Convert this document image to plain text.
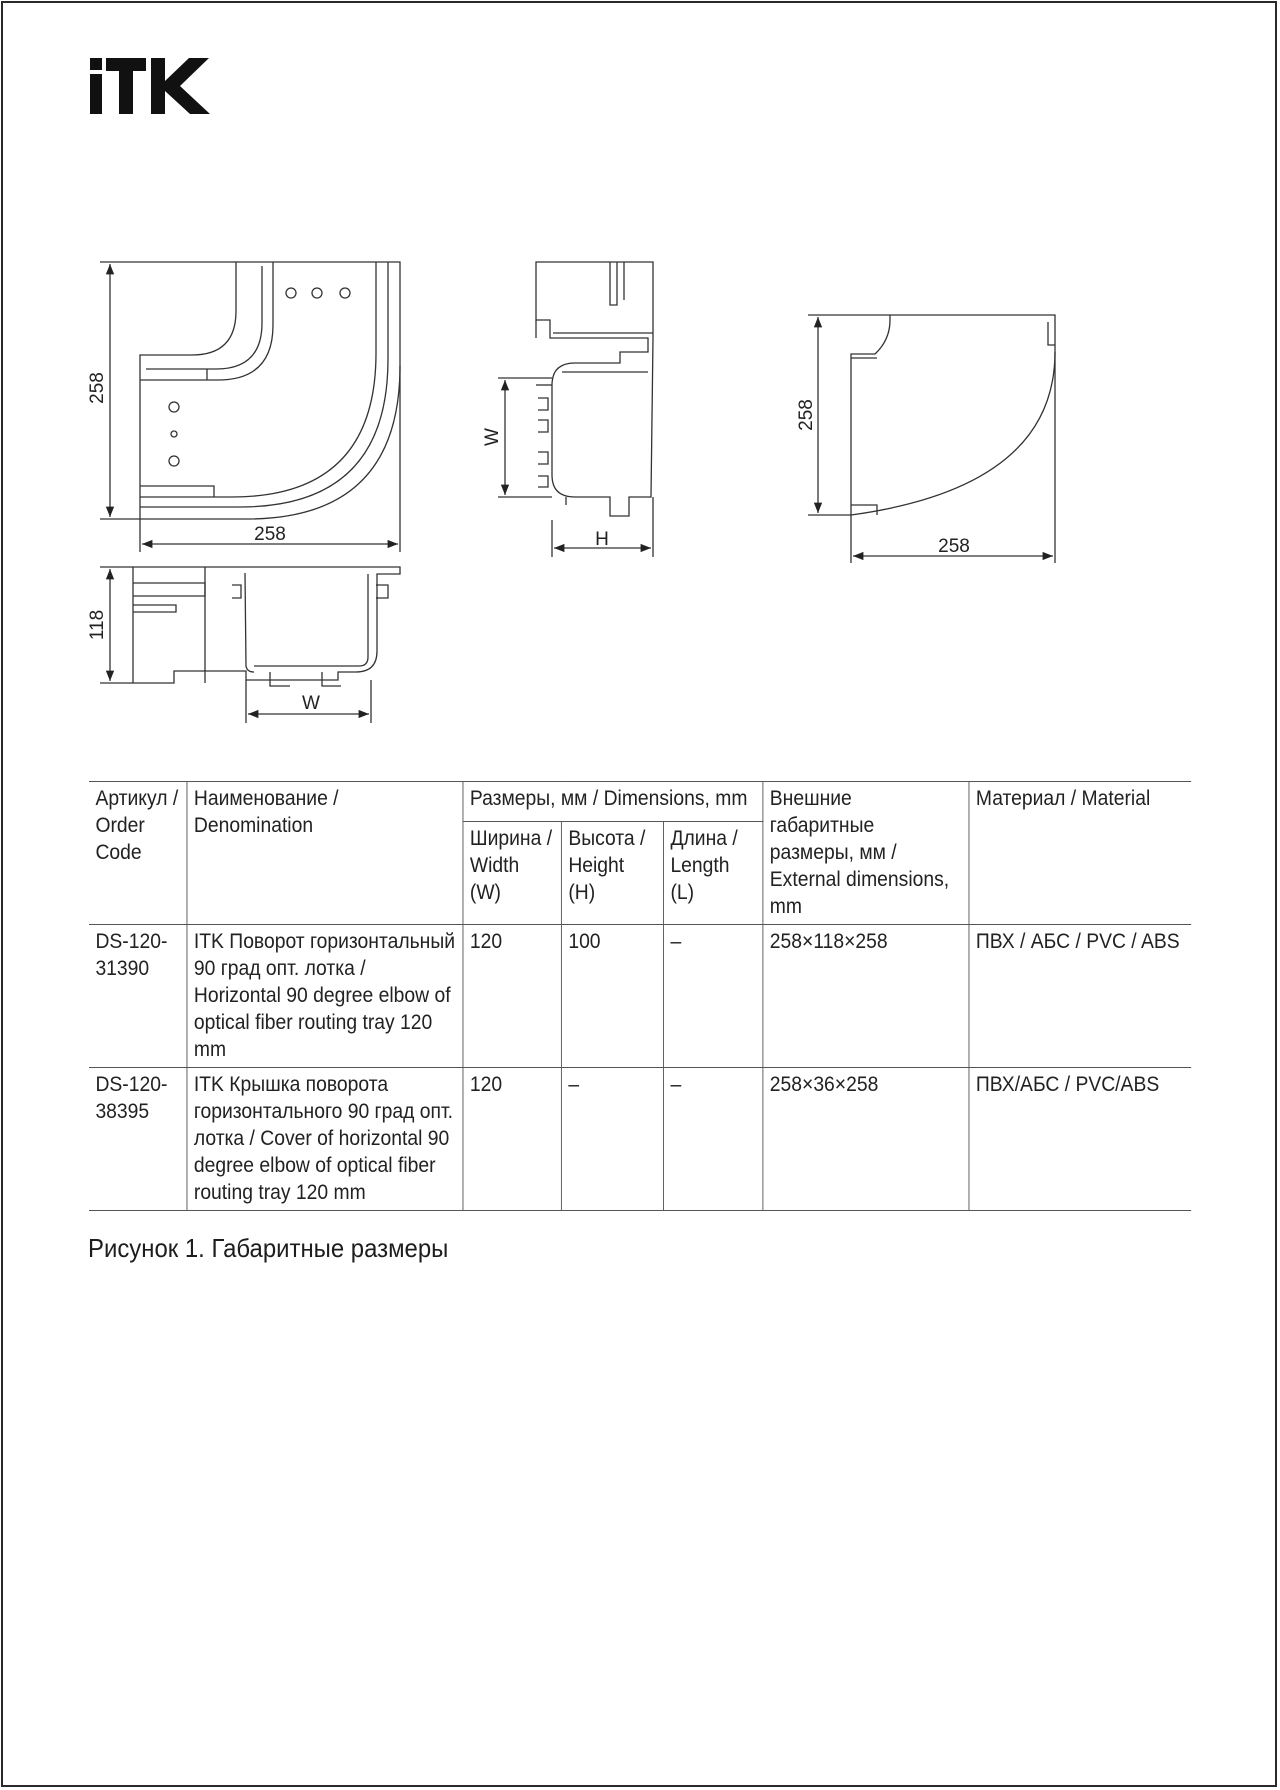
258
258
118
W
W
H
258
258
Артикул / Order Code	Наименование / Denomination	Размеры, мм / Dimensions, mm			Внешние габаритные размеры, мм / External dimensions, mm	Материал / Material
		Ширина / Width (W)	Высота / Height (H)	Длина / Length (L)		
DS-120-31390	ITK Поворот горизонтальный 90 град опт. лотка / Horizontal 90 degree elbow of optical fiber routing tray 120 mm	120	100	–	258×118×258	ПВХ / АБС / PVC / ABS
DS-120-38395	ITK Крышка поворота горизонтального 90 град опт. лотка / Cover of horizontal 90 degree elbow of optical fiber routing tray 120 mm	120	–	–	258×36×258	ПВХ/АБС / PVC/ABS
Рисунок 1. Габаритные размеры
